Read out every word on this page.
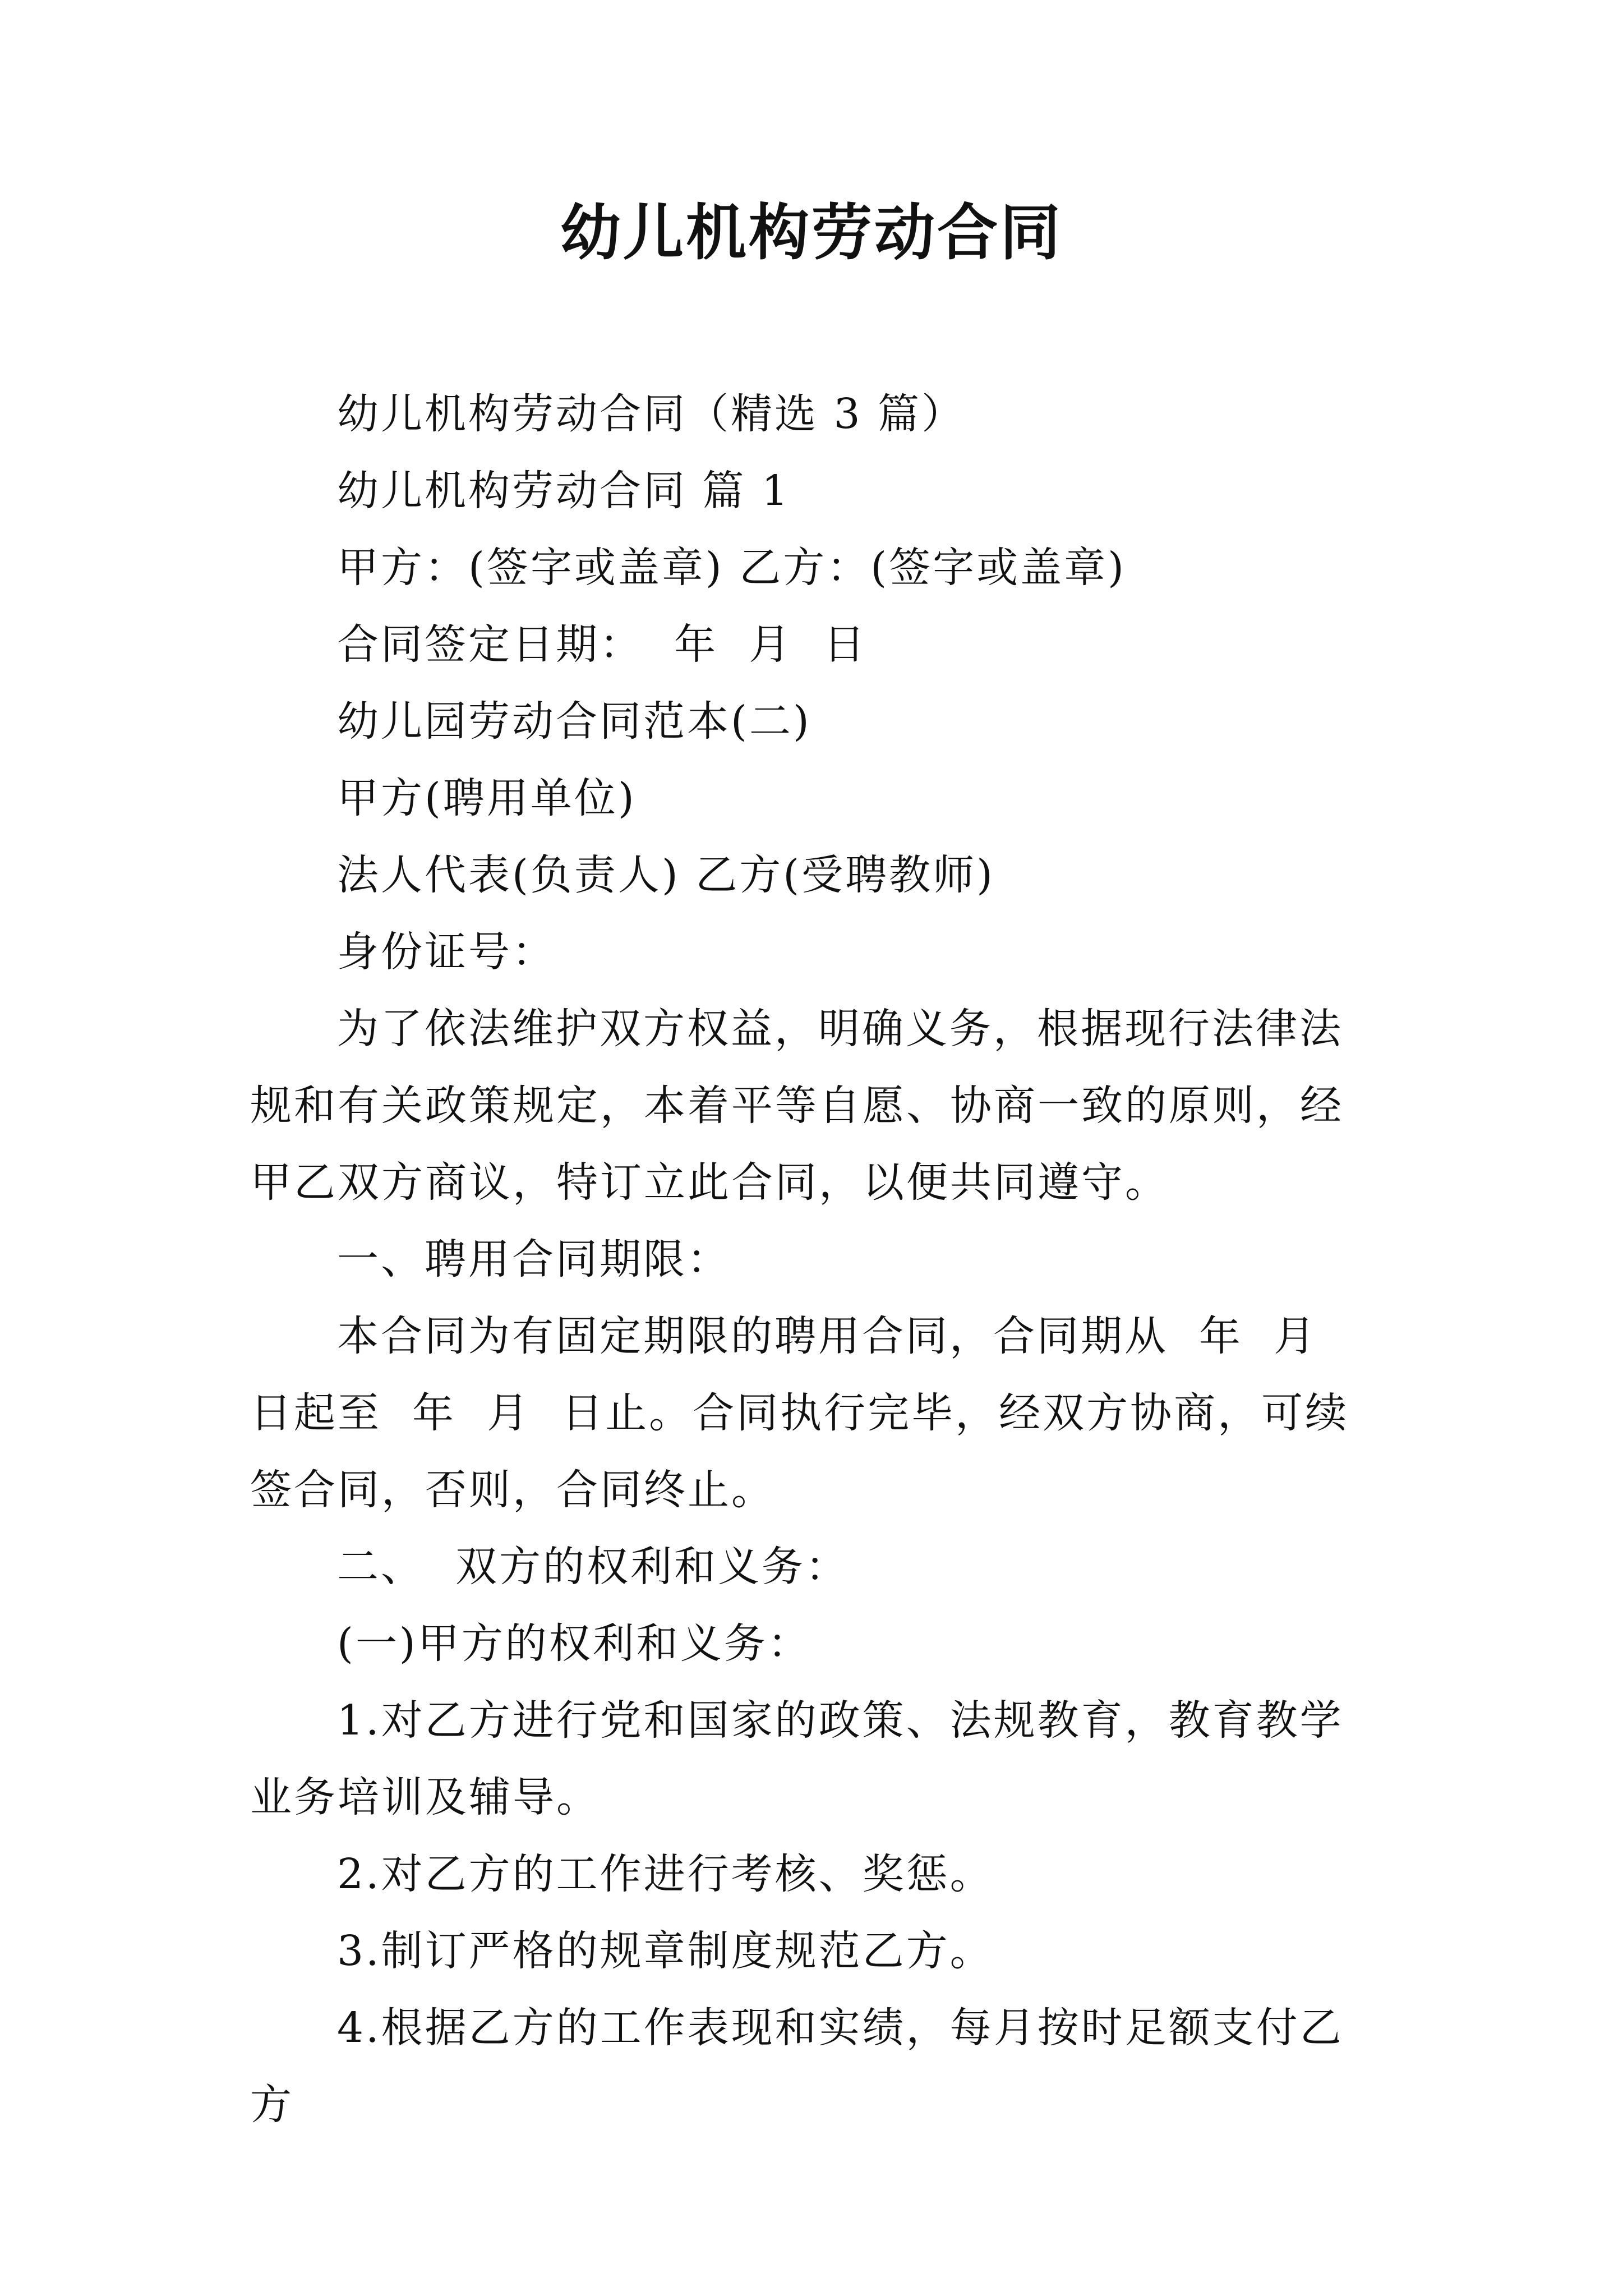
幼儿机构劳动合同

幼儿机构劳动合同（精选 3 篇）

幼儿机构劳动合同 篇 1

甲方：(签字或盖章) 乙方：(签字或盖章)

合同签定日期：  年  月  日

幼儿园劳动合同范本(二)

甲方(聘用单位)

法人代表(负责人) 乙方(受聘教师)

身份证号：

为了依法维护双方权益，明确义务，根据现行法律法规和有关政策规定，本着平等自愿、协商一致的原则，经甲乙双方商议，特订立此合同，以便共同遵守。

一、聘用合同期限：

本合同为有固定期限的聘用合同，合同期从  年  月  日起至  年  月  日止。合同执行完毕，经双方协商，可续签合同，否则，合同终止。

二、  双方的权利和义务：

(一)甲方的权利和义务：

1.对乙方进行党和国家的政策、法规教育，教育教学业务培训及辅导。

2.对乙方的工作进行考核、奖惩。

3.制订严格的规章制度规范乙方。

4.根据乙方的工作表现和实绩，每月按时足额支付乙方
